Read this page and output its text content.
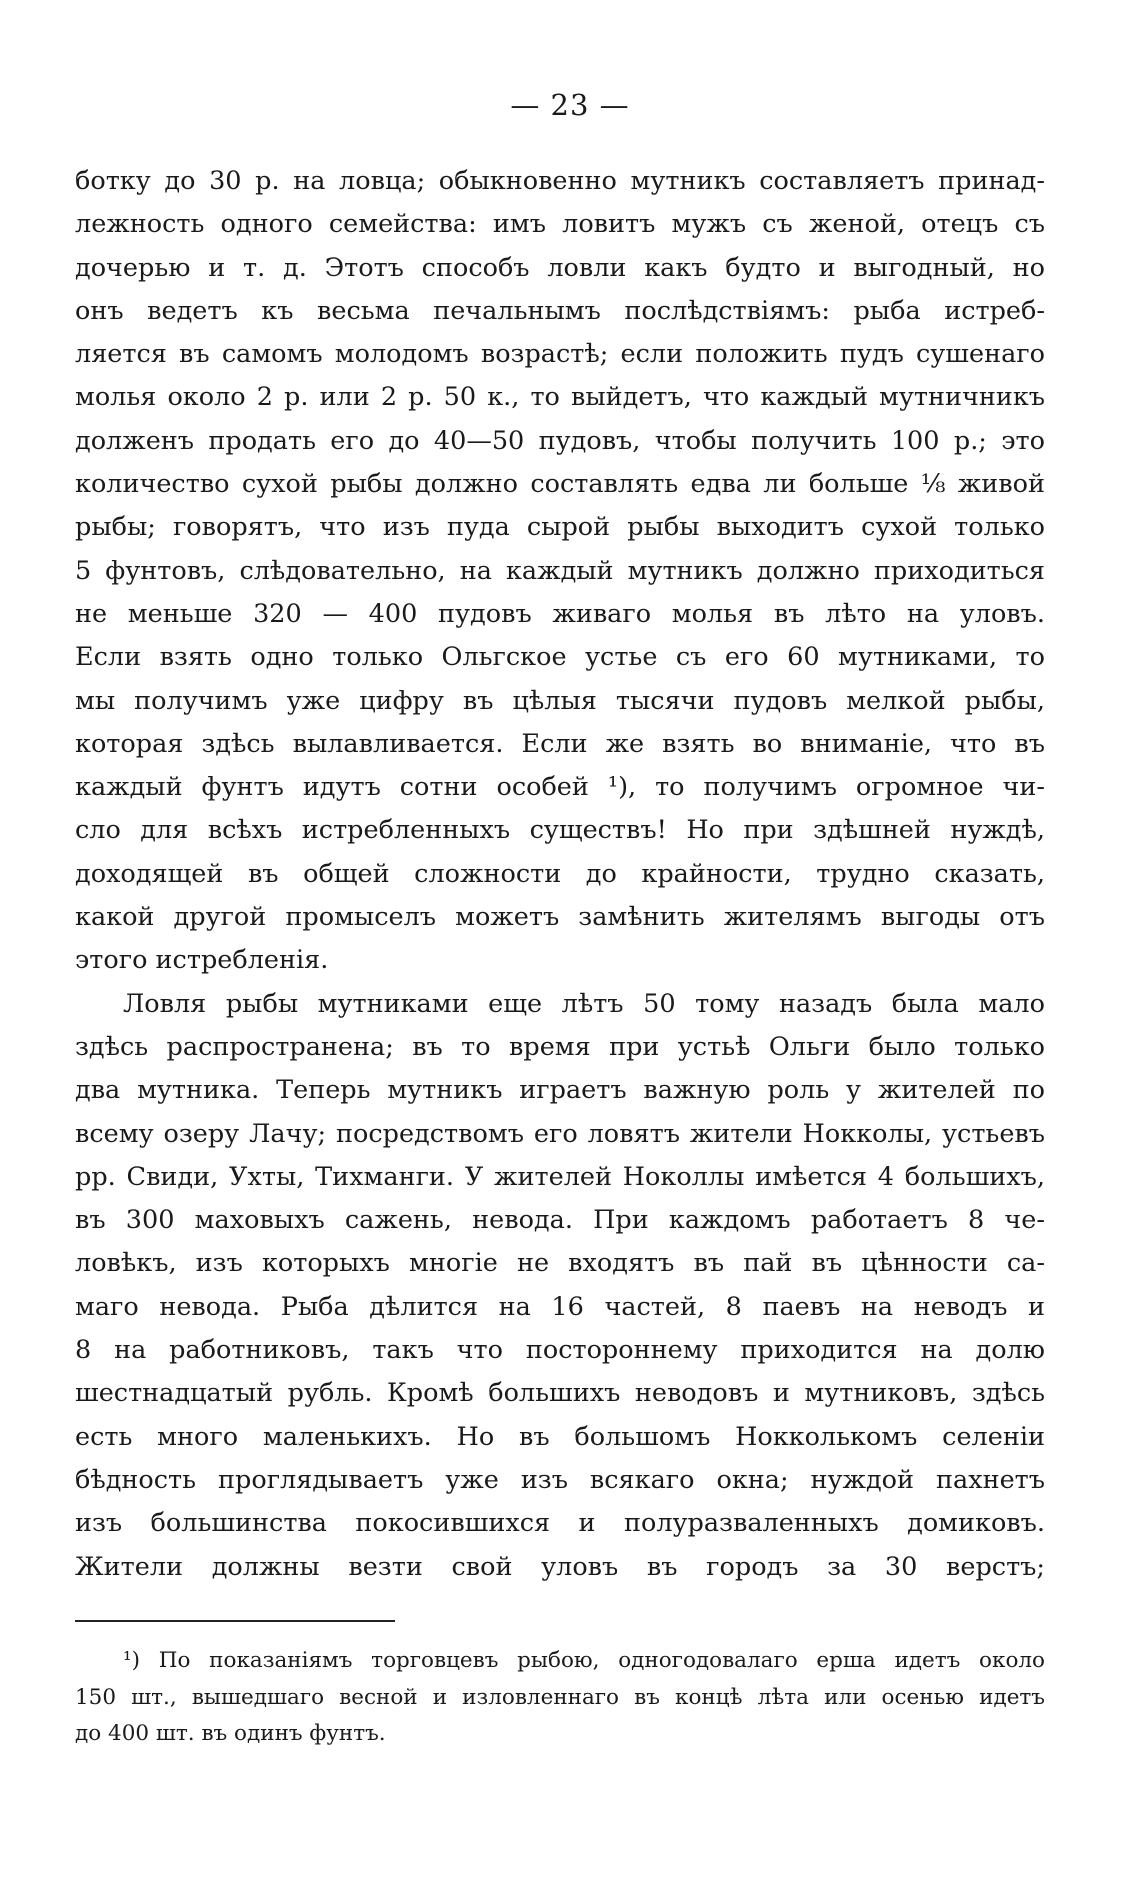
— 23 —
ботку до 30 р. на ловца; обыкновенно мутникъ составляетъ принад-
лежность одного семейства: имъ ловитъ мужъ съ женой, отецъ съ
дочерью и т. д. Этотъ способъ ловли какъ будто и выгодный, но
онъ ведетъ къ весьма печальнымъ послѣдствіямъ: рыба истреб-
ляется въ самомъ молодомъ возрастѣ; если положить пудъ сушенаго
молья около 2 р. или 2 р. 50 к., то выйдетъ, что каждый мутничникъ
долженъ продать его до 40—50 пудовъ, чтобы получить 100 р.; это
количество сухой рыбы должно составлять едва ли больше ⅛ живой
рыбы; говорятъ, что изъ пуда сырой рыбы выходитъ сухой только
5 фунтовъ, слѣдовательно, на каждый мутникъ должно приходиться
не меньше 320 — 400 пудовъ живаго молья въ лѣто на уловъ.
Если взять одно только Ольгское устье съ его 60 мутниками, то
мы получимъ уже цифру въ цѣлыя тысячи пудовъ мелкой рыбы,
которая здѣсь вылавливается. Если же взять во вниманіе, что въ
каждый фунтъ идутъ сотни особей ¹), то получимъ огромное чи-
сло для всѣхъ истребленныхъ существъ! Но при здѣшней нуждѣ,
доходящей въ общей сложности до крайности, трудно сказать,
какой другой промыселъ можетъ замѣнить жителямъ выгоды отъ
этого истребленія.
Ловля рыбы мутниками еще лѣтъ 50 тому назадъ была мало
здѣсь распространена; въ то время при устьѣ Ольги было только
два мутника. Теперь мутникъ играетъ важную роль у жителей по
всему озеру Лачу; посредствомъ его ловятъ жители Нокколы, устьевъ
рр. Свиди, Ухты, Тихманги. У жителей Ноколлы имѣется 4 большихъ,
въ 300 маховыхъ сажень, невода. При каждомъ работаетъ 8 че-
ловѣкъ, изъ которыхъ многіе не входятъ въ пай въ цѣнности са-
маго невода. Рыба дѣлится на 16 частей, 8 паевъ на неводъ и
8 на работниковъ, такъ что постороннему приходится на долю
шестнадцатый рубль. Кромѣ большихъ неводовъ и мутниковъ, здѣсь
есть много маленькихъ. Но въ большомъ Нокколькомъ селеніи
бѣдность проглядываетъ уже изъ всякаго окна; нуждой пахнетъ
изъ большинства покосившихся и полуразваленныхъ домиковъ.
Жители должны везти свой уловъ въ городъ за 30 верстъ;
¹) По показаніямъ торговцевъ рыбою, одногодовалаго ерша идетъ около
150 шт., вышедшаго весной и изловленнаго въ концѣ лѣта или осенью идетъ
до 400 шт. въ одинъ фунтъ.
